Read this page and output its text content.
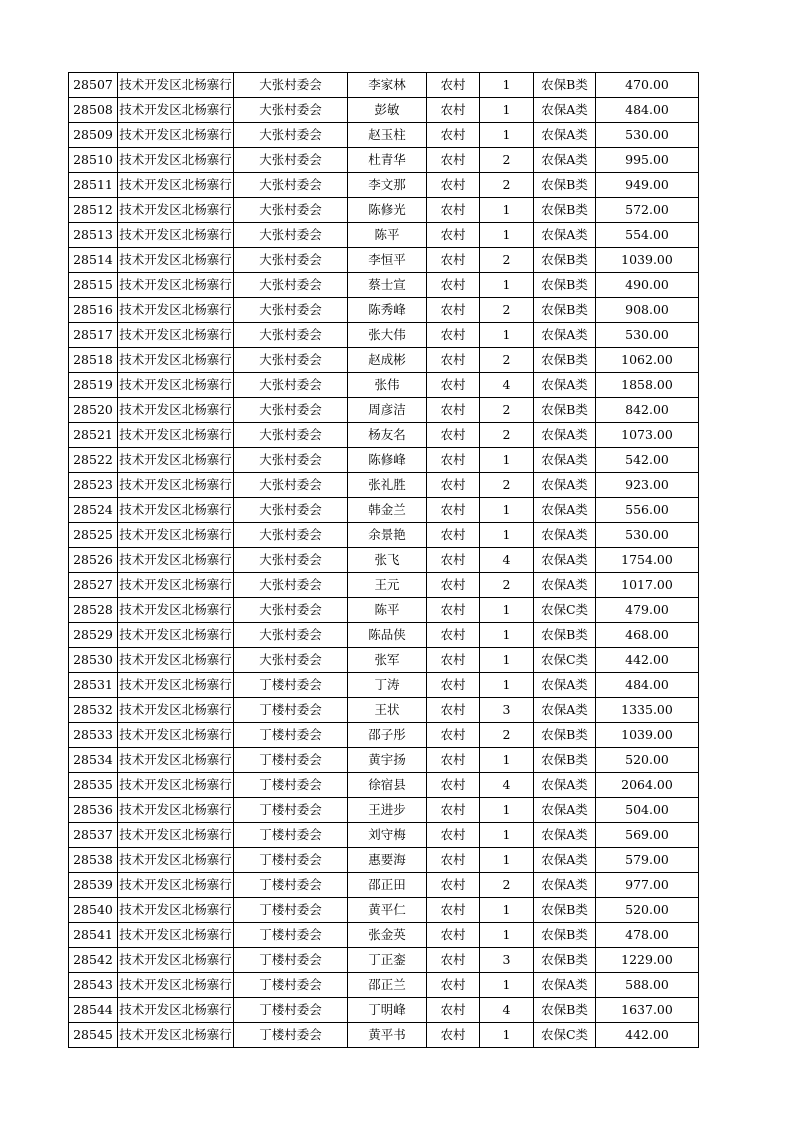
28507	技术开发区北杨寨行	大张村委会	李家林	农村	1	农保B类	470.00
28508	技术开发区北杨寨行	大张村委会	彭敏	农村	1	农保A类	484.00
28509	技术开发区北杨寨行	大张村委会	赵玉柱	农村	1	农保A类	530.00
28510	技术开发区北杨寨行	大张村委会	杜青华	农村	2	农保A类	995.00
28511	技术开发区北杨寨行	大张村委会	李文那	农村	2	农保B类	949.00
28512	技术开发区北杨寨行	大张村委会	陈修光	农村	1	农保B类	572.00
28513	技术开发区北杨寨行	大张村委会	陈平	农村	1	农保A类	554.00
28514	技术开发区北杨寨行	大张村委会	李恒平	农村	2	农保B类	1039.00
28515	技术开发区北杨寨行	大张村委会	蔡士宣	农村	1	农保B类	490.00
28516	技术开发区北杨寨行	大张村委会	陈秀峰	农村	2	农保B类	908.00
28517	技术开发区北杨寨行	大张村委会	张大伟	农村	1	农保A类	530.00
28518	技术开发区北杨寨行	大张村委会	赵成彬	农村	2	农保B类	1062.00
28519	技术开发区北杨寨行	大张村委会	张伟	农村	4	农保A类	1858.00
28520	技术开发区北杨寨行	大张村委会	周彦洁	农村	2	农保B类	842.00
28521	技术开发区北杨寨行	大张村委会	杨友名	农村	2	农保A类	1073.00
28522	技术开发区北杨寨行	大张村委会	陈修峰	农村	1	农保A类	542.00
28523	技术开发区北杨寨行	大张村委会	张礼胜	农村	2	农保A类	923.00
28524	技术开发区北杨寨行	大张村委会	韩金兰	农村	1	农保A类	556.00
28525	技术开发区北杨寨行	大张村委会	余景艳	农村	1	农保A类	530.00
28526	技术开发区北杨寨行	大张村委会	张飞	农村	4	农保A类	1754.00
28527	技术开发区北杨寨行	大张村委会	王元	农村	2	农保A类	1017.00
28528	技术开发区北杨寨行	大张村委会	陈平	农村	1	农保C类	479.00
28529	技术开发区北杨寨行	大张村委会	陈品侠	农村	1	农保B类	468.00
28530	技术开发区北杨寨行	大张村委会	张军	农村	1	农保C类	442.00
28531	技术开发区北杨寨行	丁楼村委会	丁涛	农村	1	农保A类	484.00
28532	技术开发区北杨寨行	丁楼村委会	王状	农村	3	农保A类	1335.00
28533	技术开发区北杨寨行	丁楼村委会	邵子彤	农村	2	农保B类	1039.00
28534	技术开发区北杨寨行	丁楼村委会	黄宇扬	农村	1	农保B类	520.00
28535	技术开发区北杨寨行	丁楼村委会	徐宿县	农村	4	农保A类	2064.00
28536	技术开发区北杨寨行	丁楼村委会	王进步	农村	1	农保A类	504.00
28537	技术开发区北杨寨行	丁楼村委会	刘守梅	农村	1	农保A类	569.00
28538	技术开发区北杨寨行	丁楼村委会	惠要海	农村	1	农保A类	579.00
28539	技术开发区北杨寨行	丁楼村委会	邵正田	农村	2	农保A类	977.00
28540	技术开发区北杨寨行	丁楼村委会	黄平仁	农村	1	农保B类	520.00
28541	技术开发区北杨寨行	丁楼村委会	张金英	农村	1	农保B类	478.00
28542	技术开发区北杨寨行	丁楼村委会	丁正銮	农村	3	农保B类	1229.00
28543	技术开发区北杨寨行	丁楼村委会	邵正兰	农村	1	农保A类	588.00
28544	技术开发区北杨寨行	丁楼村委会	丁明峰	农村	4	农保B类	1637.00
28545	技术开发区北杨寨行	丁楼村委会	黄平书	农村	1	农保C类	442.00
